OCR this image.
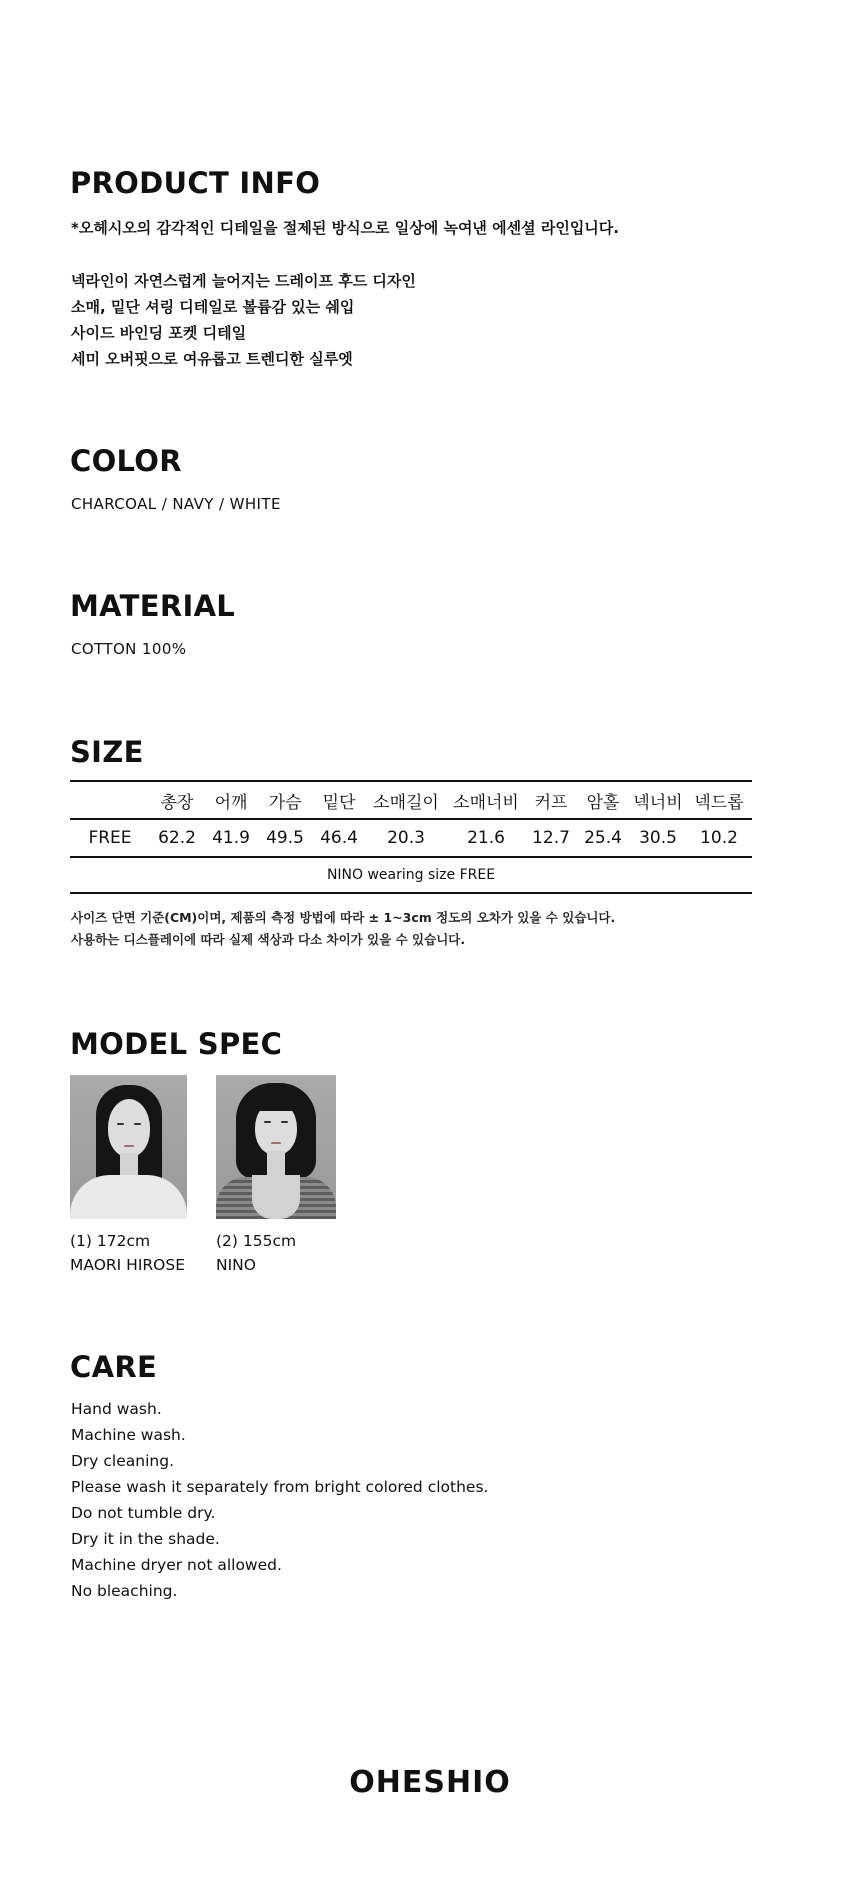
PRODUCT INFO

*오헤시오의 감각적인 디테일을 절제된 방식으로 일상에 녹여낸 에센셜 라인입니다.

넥라인이 자연스럽게 늘어지는 드레이프 후드 디자인

소매, 밑단 셔링 디테일로 볼륨감 있는 쉐입

사이드 바인딩 포켓 디테일

세미 오버핏으로 여유롭고 트렌디한 실루엣

COLOR

CHARCOAL / NAVY / WHITE

MATERIAL

COTTON 100%

SIZE
	총장	어깨	가슴	밑단	소매길이	소매너비	커프	암홀	넥너비	넥드롭
FREE	62.2	41.9	49.5	46.4	20.3	21.6	12.7	25.4	30.5	10.2
NINO wearing size FREE										

사이즈 단면 기준(CM)이며, 제품의 측정 방법에 따라 ± 1~3cm 정도의 오차가 있을 수 있습니다.

사용하는 디스플레이에 따라 실제 색상과 다소 차이가 있을 수 있습니다.

MODEL SPEC

(1) 172cm
MAORI HIROSE

(2) 155cm
NINO

CARE

Hand wash.

Machine wash.

Dry cleaning.

Please wash it separately from bright colored clothes.

Do not tumble dry.

Dry it in the shade.

Machine dryer not allowed.

No bleaching.

OHESHIO
